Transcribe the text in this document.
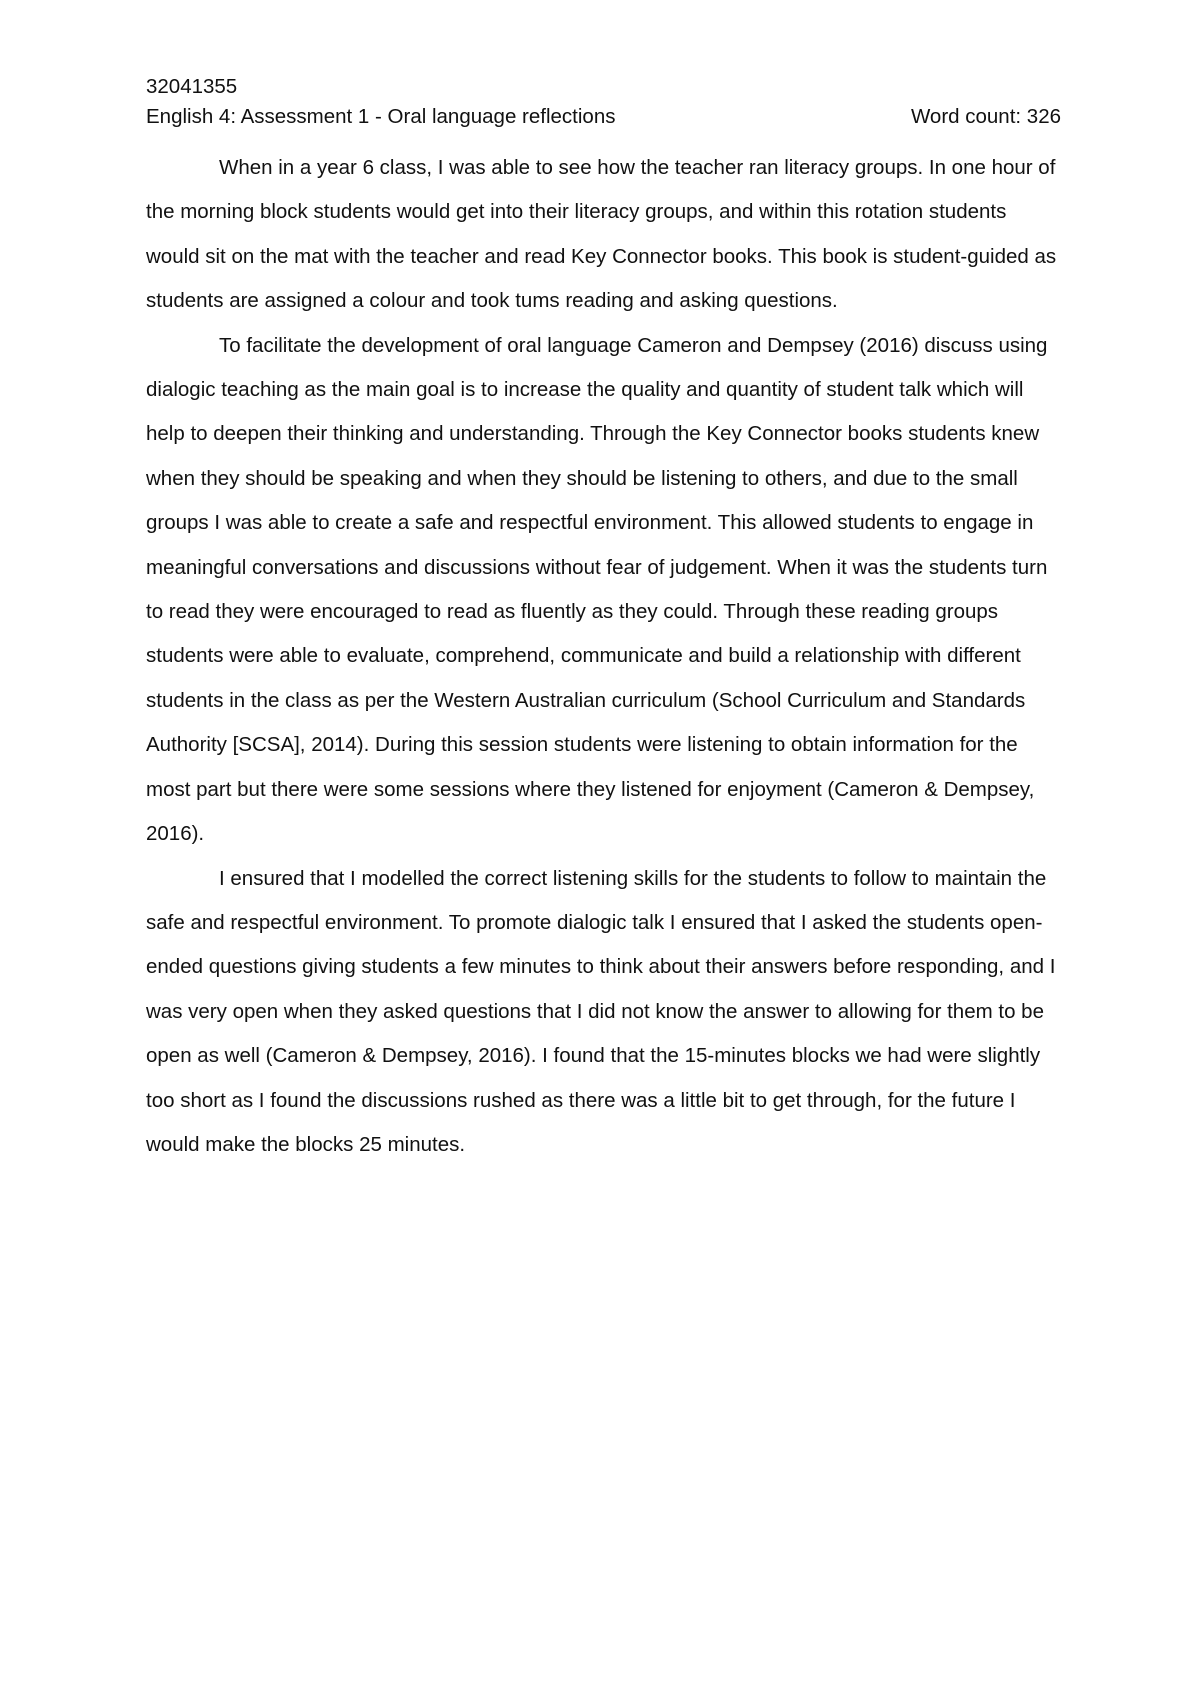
32041355
English 4: Assessment 1 - Oral language reflections	Word count: 326

When in a year 6 class, I was able to see how the teacher ran literacy groups. In one hour of the morning block students would get into their literacy groups, and within this rotation students would sit on the mat with the teacher and read Key Connector books. This book is student-guided as students are assigned a colour and took tums reading and asking questions.

To facilitate the development of oral language Cameron and Dempsey (2016) discuss using dialogic teaching as the main goal is to increase the quality and quantity of student talk which will help to deepen their thinking and understanding. Through the Key Connector books students knew when they should be speaking and when they should be listening to others, and due to the small groups I was able to create a safe and respectful environment. This allowed students to engage in meaningful conversations and discussions without fear of judgement. When it was the students turn to read they were encouraged to read as fluently as they could. Through these reading groups students were able to evaluate, comprehend, communicate and build a relationship with different students in the class as per the Western Australian curriculum (School Curriculum and Standards Authority [SCSA], 2014). During this session students were listening to obtain information for the most part but there were some sessions where they listened for enjoyment (Cameron & Dempsey, 2016).

I ensured that I modelled the correct listening skills for the students to follow to maintain the safe and respectful environment. To promote dialogic talk I ensured that I asked the students open-ended questions giving students a few minutes to think about their answers before responding, and I was very open when they asked questions that I did not know the answer to allowing for them to be open as well (Cameron & Dempsey, 2016). I found that the 15-minutes blocks we had were slightly too short as I found the discussions rushed as there was a little bit to get through, for the future I would make the blocks 25 minutes.
